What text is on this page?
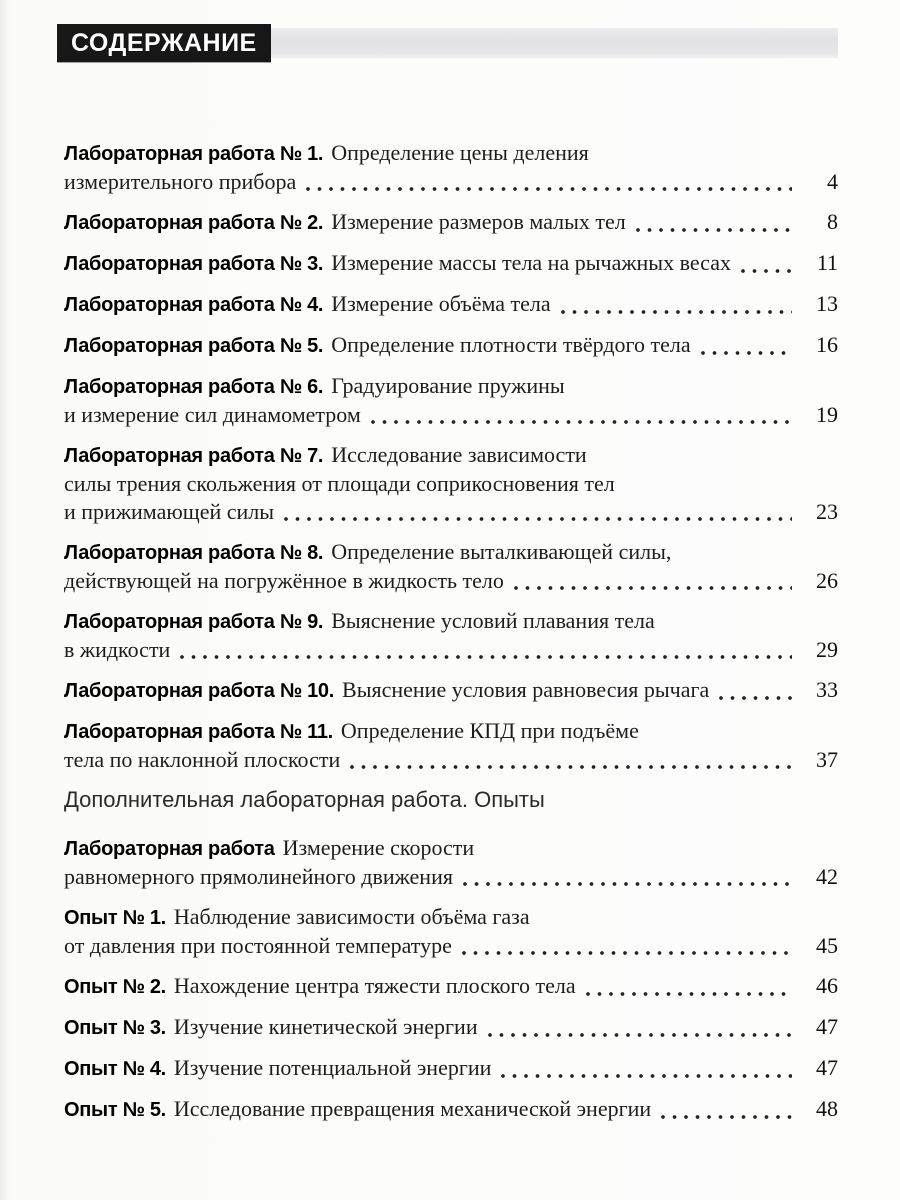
СОДЕРЖАНИЕ
Лабораторная работа № 1. Определение цены деления
измерительного прибора	4
Лабораторная работа № 2. Измерение размеров малых тел	8
Лабораторная работа № 3. Измерение массы тела на рычажных весах	11
Лабораторная работа № 4. Измерение объёма тела	13
Лабораторная работа № 5. Определение плотности твёрдого тела	16
Лабораторная работа № 6. Градуирование пружины
и измерение сил динамометром	19
Лабораторная работа № 7. Исследование зависимости
силы трения скольжения от площади соприкосновения тел
и прижимающей силы	23
Лабораторная работа № 8. Определение выталкивающей силы,
действующей на погружённое в жидкость тело	26
Лабораторная работа № 9. Выяснение условий плавания тела
в жидкости	29
Лабораторная работа № 10. Выяснение условия равновесия рычага	33
Лабораторная работа № 11. Определение КПД при подъёме
тела по наклонной плоскости	37
Дополнительная лабораторная работа. Опыты
Лабораторная работа Измерение скорости
равномерного прямолинейного движения	42
Опыт № 1. Наблюдение зависимости объёма газа
от давления при постоянной температуре	45
Опыт № 2. Нахождение центра тяжести плоского тела	46
Опыт № 3. Изучение кинетической энергии	47
Опыт № 4. Изучение потенциальной энергии	47
Опыт № 5. Исследование превращения механической энергии	48
